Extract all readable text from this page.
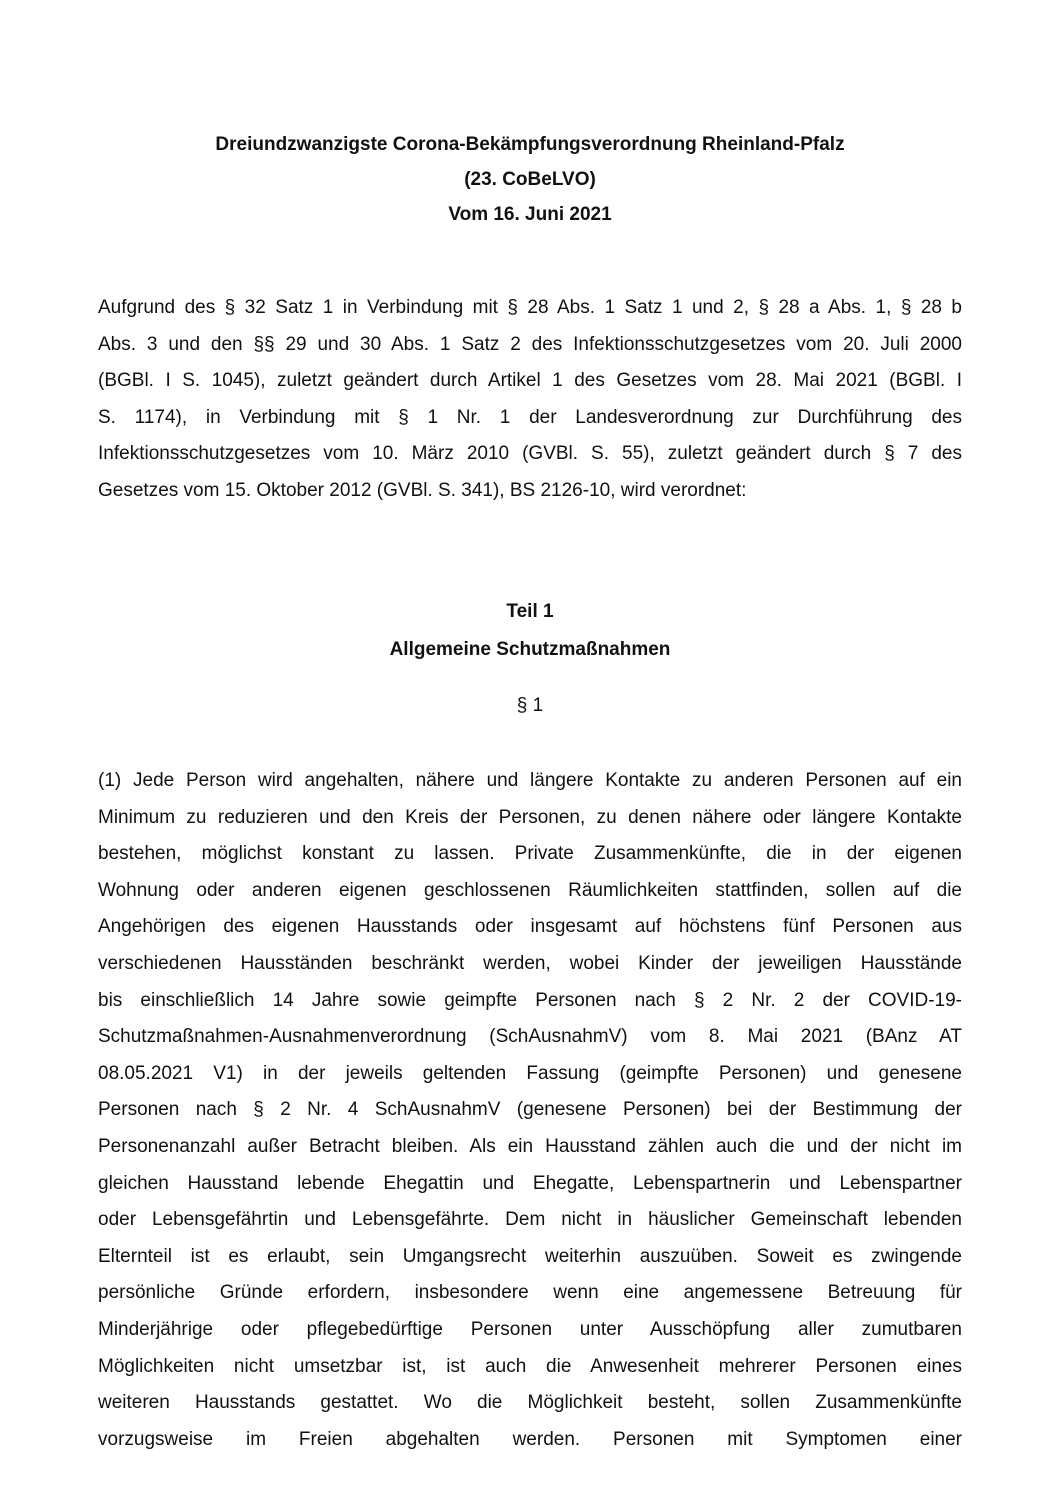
Dreiundzwanzigste Corona-Bekämpfungsverordnung Rheinland-Pfalz
(23. CoBeLVO)
Vom 16. Juni 2021
Aufgrund des § 32 Satz 1 in Verbindung mit § 28 Abs. 1 Satz 1 und 2, § 28 a Abs. 1, § 28 b
Abs. 3 und den §§ 29 und 30 Abs. 1 Satz 2 des Infektionsschutzgesetzes vom 20. Juli 2000
(BGBl. I S. 1045), zuletzt geändert durch Artikel 1 des Gesetzes vom 28. Mai 2021 (BGBl. I
S. 1174), in Verbindung mit § 1 Nr. 1 der Landesverordnung zur Durchführung des
Infektionsschutzgesetzes vom 10. März 2010 (GVBl. S. 55), zuletzt geändert durch § 7 des
Gesetzes vom 15. Oktober 2012 (GVBl. S. 341), BS 2126-10, wird verordnet:
Teil 1
Allgemeine Schutzmaßnahmen
§ 1
(1) Jede Person wird angehalten, nähere und längere Kontakte zu anderen Personen auf ein
Minimum zu reduzieren und den Kreis der Personen, zu denen nähere oder längere Kontakte
bestehen, möglichst konstant zu lassen. Private Zusammenkünfte, die in der eigenen
Wohnung oder anderen eigenen geschlossenen Räumlichkeiten stattfinden, sollen auf die
Angehörigen des eigenen Hausstands oder insgesamt auf höchstens fünf Personen aus
verschiedenen Hausständen beschränkt werden, wobei Kinder der jeweiligen Hausstände
bis einschließlich 14 Jahre sowie geimpfte Personen nach § 2 Nr. 2 der COVID-19-
Schutzmaßnahmen-Ausnahmenverordnung (SchAusnahmV) vom 8. Mai 2021 (BAnz AT
08.05.2021 V1) in der jeweils geltenden Fassung (geimpfte Personen) und genesene
Personen nach § 2 Nr. 4 SchAusnahmV (genesene Personen) bei der Bestimmung der
Personenanzahl außer Betracht bleiben. Als ein Hausstand zählen auch die und der nicht im
gleichen Hausstand lebende Ehegattin und Ehegatte, Lebenspartnerin und Lebenspartner
oder Lebensgefährtin und Lebensgefährte. Dem nicht in häuslicher Gemeinschaft lebenden
Elternteil ist es erlaubt, sein Umgangsrecht weiterhin auszuüben. Soweit es zwingende
persönliche Gründe erfordern, insbesondere wenn eine angemessene Betreuung für
Minderjährige oder pflegebedürftige Personen unter Ausschöpfung aller zumutbaren
Möglichkeiten nicht umsetzbar ist, ist auch die Anwesenheit mehrerer Personen eines
weiteren Hausstands gestattet. Wo die Möglichkeit besteht, sollen Zusammenkünfte
vorzugsweise im Freien abgehalten werden. Personen mit Symptomen einer
